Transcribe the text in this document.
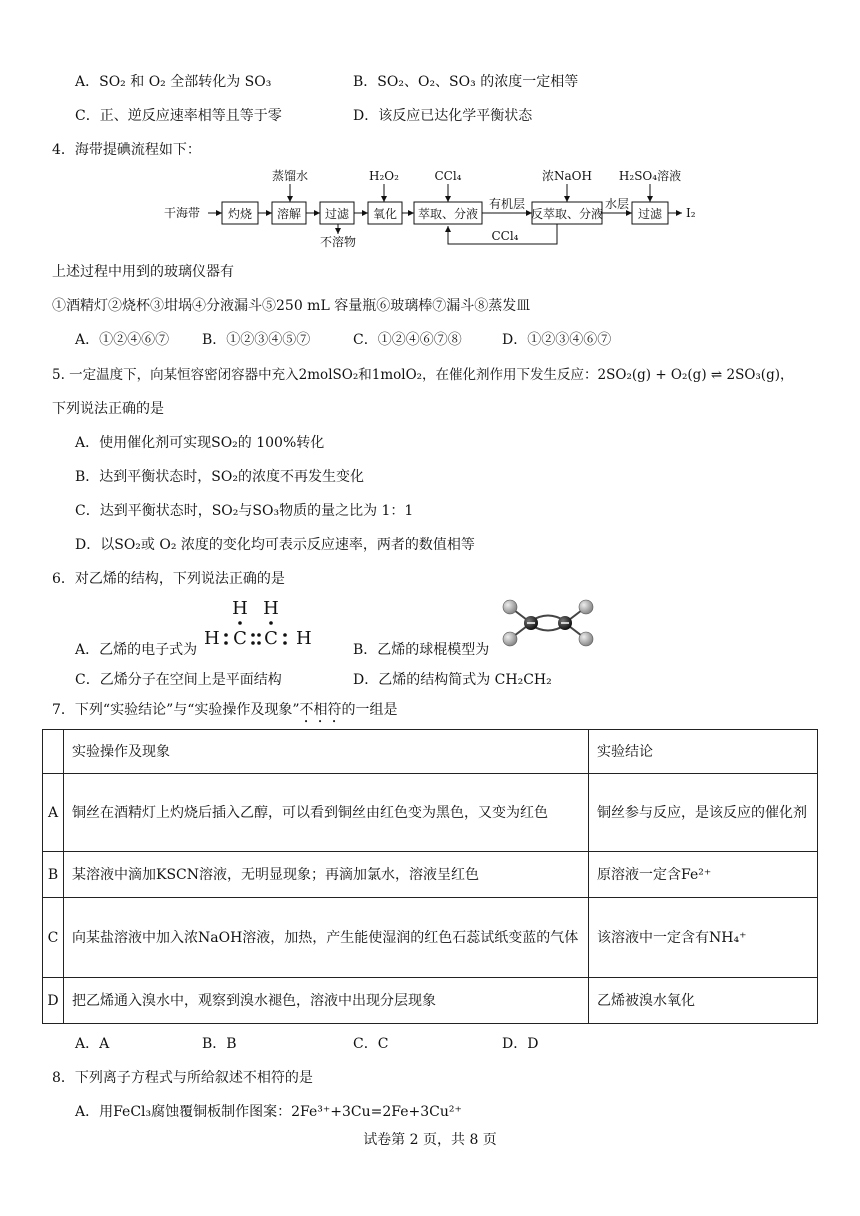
A．SO₂ 和 O₂ 全部转化为 SO₃	B．SO₂、O₂、SO₃ 的浓度一定相等
C．正、逆反应速率相等且等于零	D．该反应已达化学平衡状态
4．海带提碘流程如下：
干海带 灼烧 溶解 过滤 氧化 萃取、分液	反萃取、分液	过滤
蒸馏水	H₂O₂	CCl₄	浓NaOH H₂SO₄溶液
不溶物
有机层
CCl₄
水层
I₂
上述过程中用到的玻璃仪器有
①酒精灯②烧杯③坩埚④分液漏斗⑤250 mL 容量瓶⑥玻璃棒⑦漏斗⑧蒸发皿
A．①②④⑥⑦ B．①②③④⑤⑦	C．①②④⑥⑦⑧	D．①②③④⑥⑦
5. 一定温度下，向某恒容密闭容器中充入2molSO₂和1molO₂，在催化剂作用下发生反应：2SO₂(g) + O₂(g) ⇌ 2SO₃(g)，
下列说法正确的是
A．使用催化剂可实现SO₂的 100%转化
B．达到平衡状态时，SO₂的浓度不再发生变化
C．达到平衡状态时，SO₂与SO₃物质的量之比为 1：1
D．以SO₂或 O₂ 浓度的变化均可表示反应速率，两者的数值相等
6．对乙烯的结构，下列说法正确的是
H H
H C C H
A．乙烯的电子式为	B．乙烯的球棍模型为
C．乙烯分子在空间上是平面结构	D．乙烯的结构简式为 CH₂CH₂
7．下列“实验结论”与“实验操作及现象”不相符的一组是
	实验操作及现象	实验结论
A	铜丝在酒精灯上灼烧后插入乙醇，可以看到铜丝由红色变为黑色，又变为红色	铜丝参与反应，是该反应的催化剂
B	某溶液中滴加KSCN溶液，无明显现象；再滴加氯水，溶液呈红色	原溶液一定含Fe²⁺
C	向某盐溶液中加入浓NaOH溶液，加热，产生能使湿润的红色石蕊试纸变蓝的气体	该溶液中一定含有NH₄⁺
D	把乙烯通入溴水中，观察到溴水褪色，溶液中出现分层现象	乙烯被溴水氧化
A．A	B．B	C．C	D．D
8．下列离子方程式与所给叙述不相符的是
A．用FeCl₃腐蚀覆铜板制作图案：2Fe³⁺+3Cu=2Fe+3Cu²⁺
试卷第 2 页，共 8 页
